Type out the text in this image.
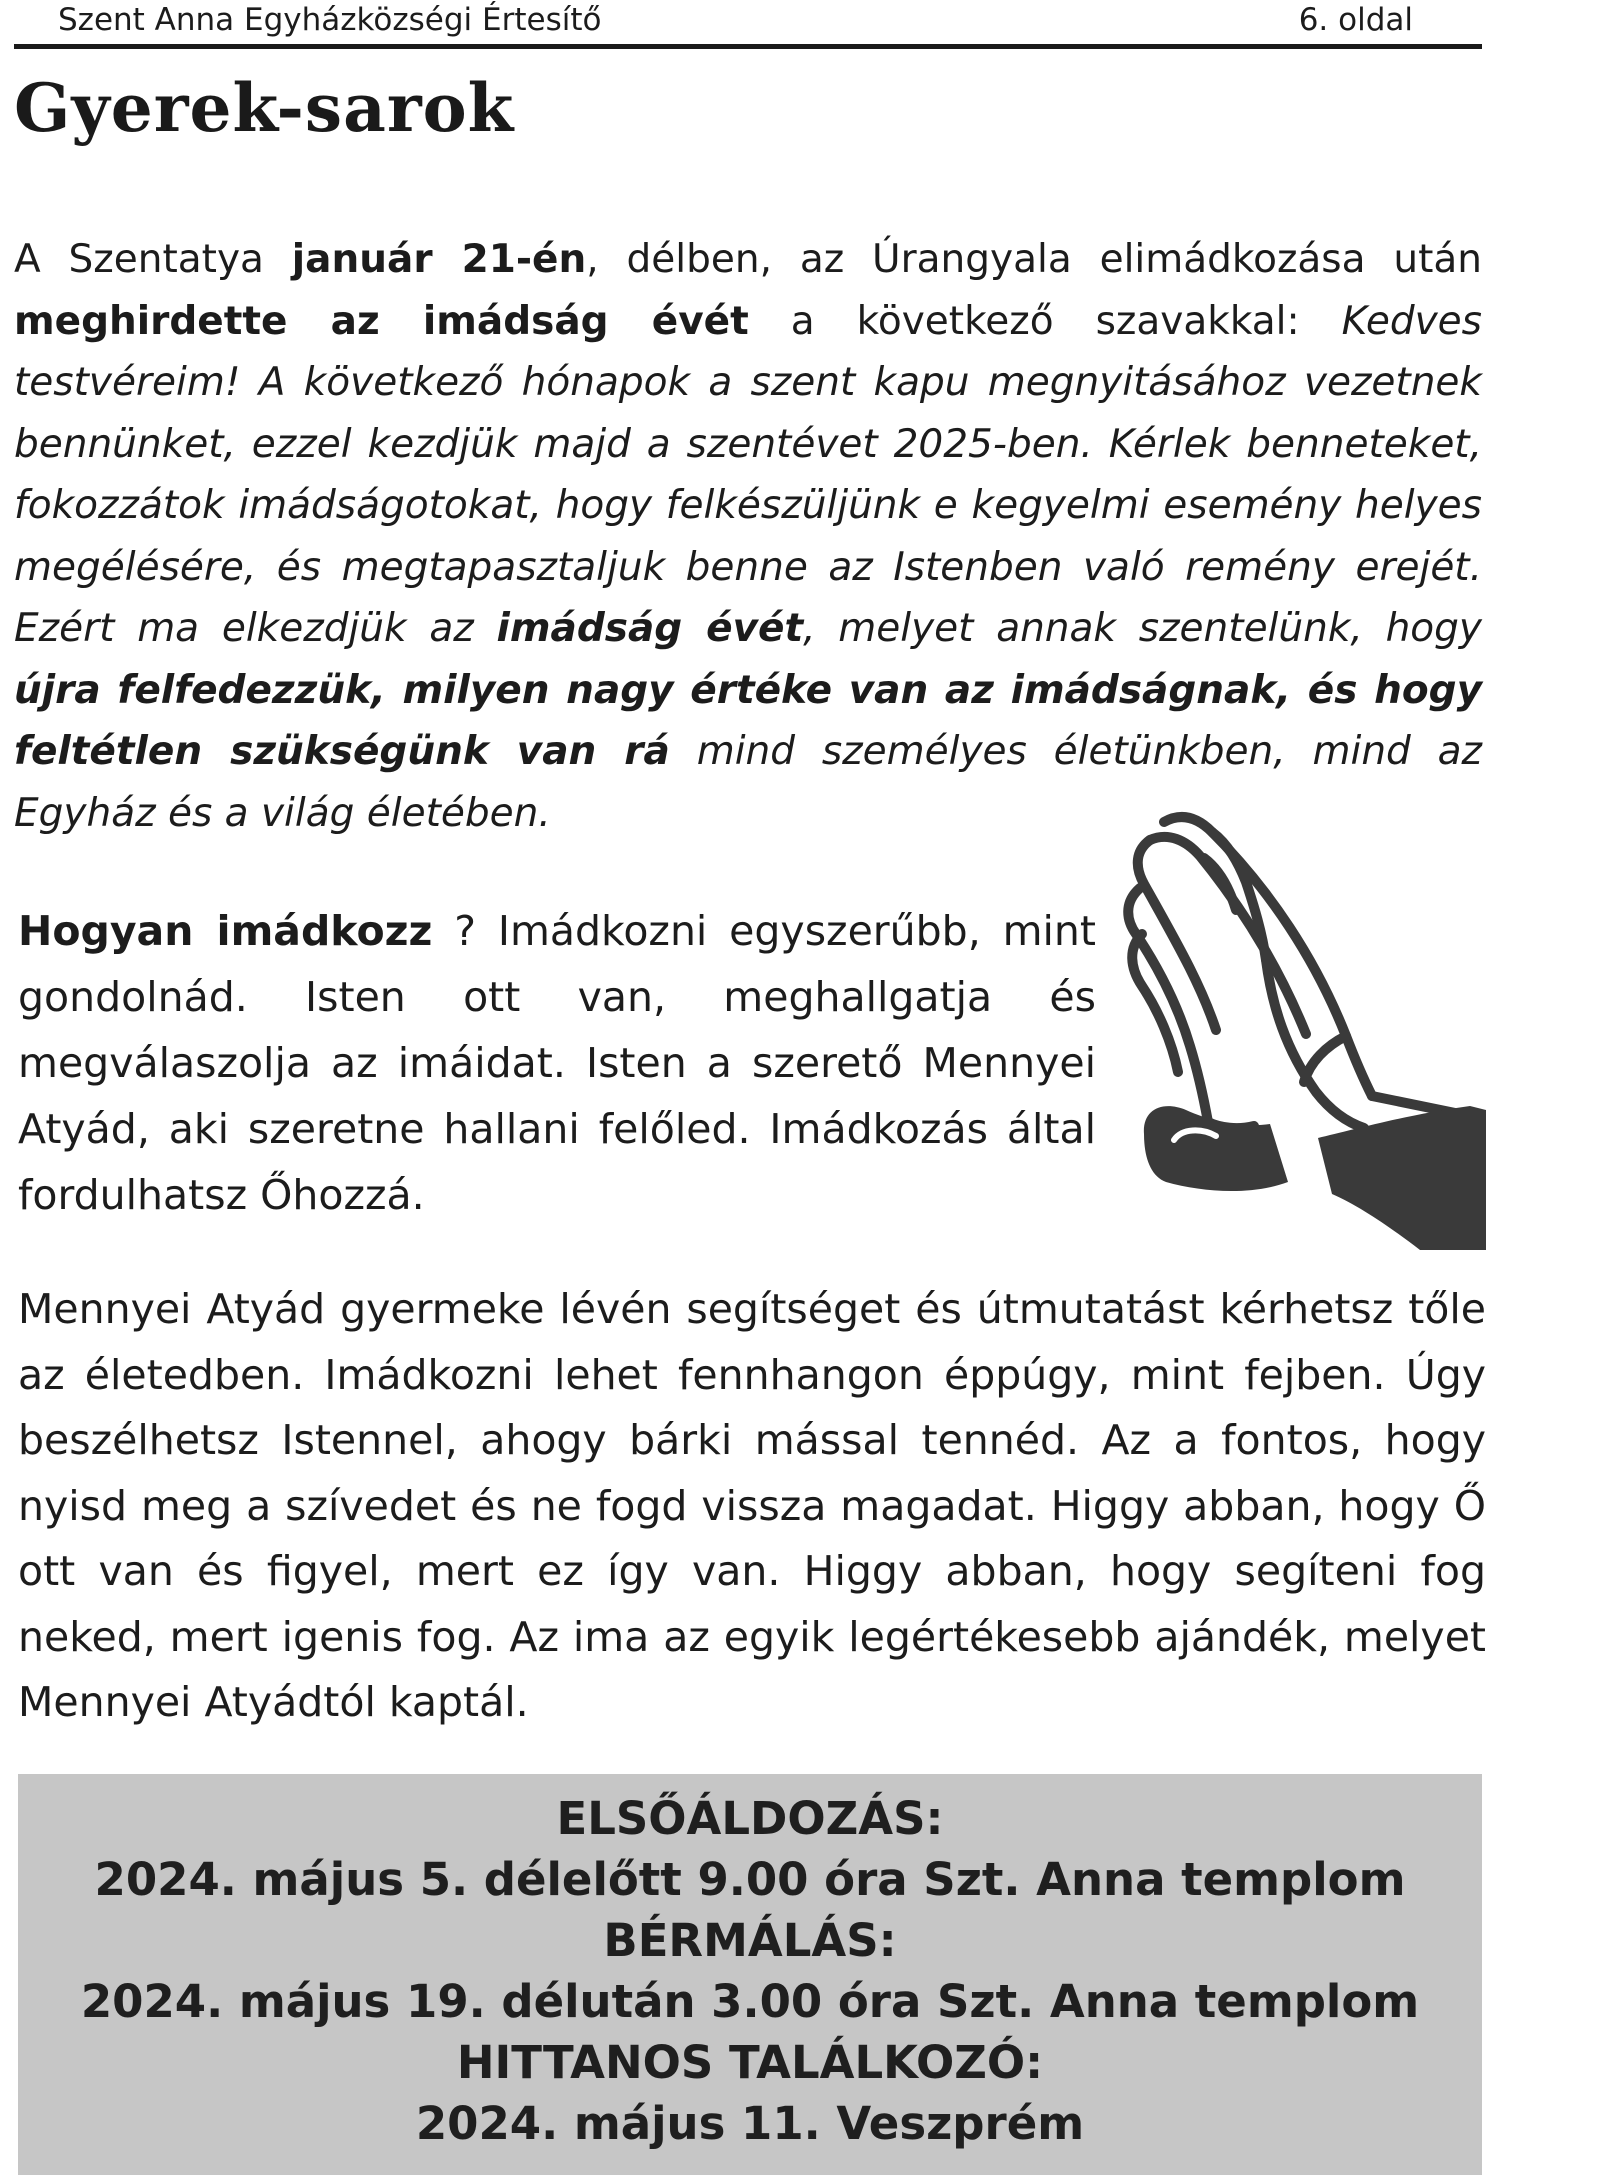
Szent Anna Egyházközségi Értesítő	6. oldal
Gyerek-sarok

A Szentatya január 21-én, délben, az Úrangyala elimádkozása után meghirdette az imádság évét a következő szavakkal: Kedves testvéreim! A következő hónapok a szent kapu megnyitásához vezetnek bennünket, ezzel kezdjük majd a szentévet 2025-ben. Kérlek benneteket, fokozzátok imádságotokat, hogy felkészüljünk e kegyelmi esemény helyes megélésére, és megtapasztaljuk benne az Istenben való remény erejét. Ezért ma elkezdjük az imádság évét, melyet annak szentelünk, hogy újra felfedezzük, milyen nagy értéke van az imádságnak, és hogy feltétlen szükségünk van rá mind személyes életünkben, mind az Egyház és a világ életében.

Hogyan imádkozz ? Imádkozni egyszerűbb, mint gondolnád. Isten ott van, meghallgatja és megválaszolja az imáidat. Isten a szerető Mennyei Atyád, aki szeretne hallani felőled. Imádkozás által fordulhatsz Őhozzá.

Mennyei Atyád gyermeke lévén segítséget és útmutatást kérhetsz tőle az életedben. Imádkozni lehet fennhangon éppúgy, mint fejben. Úgy beszélhetsz Istennel, ahogy bárki mással tennéd. Az a fontos, hogy nyisd meg a szívedet és ne fogd vissza magadat. Higgy abban, hogy Ő ott van és figyel, mert ez így van. Higgy abban, hogy segíteni fog neked, mert igenis fog. Az ima az egyik legértékesebb ajándék, melyet Mennyei Atyádtól kaptál.

ELSŐÁLDOZÁS:
2024. május 5. délelőtt 9.00 óra Szt. Anna templom
BÉRMÁLÁS:
2024. május 19. délután 3.00 óra Szt. Anna templom
HITTANOS TALÁLKOZÓ:
2024. május 11. Veszprém
